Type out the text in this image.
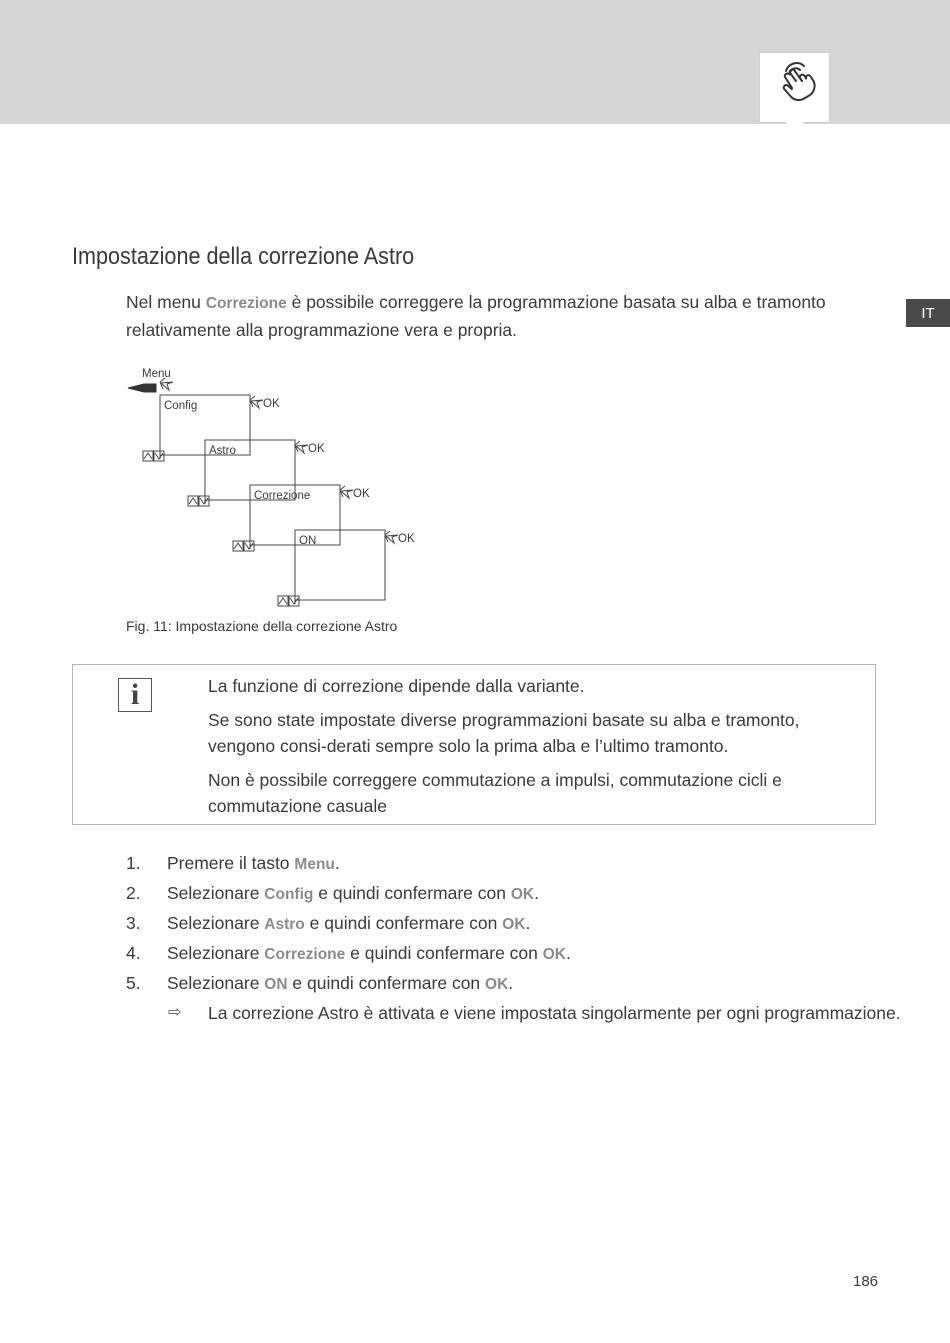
IT
Impostazione della correzione Astro
Nel menu Correzione è possibile correggere la programmazione basata su alba e tramonto relativamente alla programmazione vera e propria.
Menu
Config	OK
Astro	OK
Correzione	OK
ON	OK
Fig. 11: Impostazione della correzione Astro
i	La funzione di correzione dipende dalla variante.

Se sono state impostate diverse programmazioni basate su alba e tramonto, vengono consi-derati sempre solo la prima alba e l’ultimo tramonto.

Non è possibile correggere commutazione a impulsi, commutazione cicli e commutazione casuale

1. Premere il tasto Menu.
2. Selezionare Config e quindi confermare con OK.
3. Selezionare Astro e quindi confermare con OK.
4. Selezionare Correzione e quindi confermare con OK.
5. Selezionare ON e quindi confermare con OK.
⇨ La correzione Astro è attivata e viene impostata singolarmente per ogni programmazione.
186
